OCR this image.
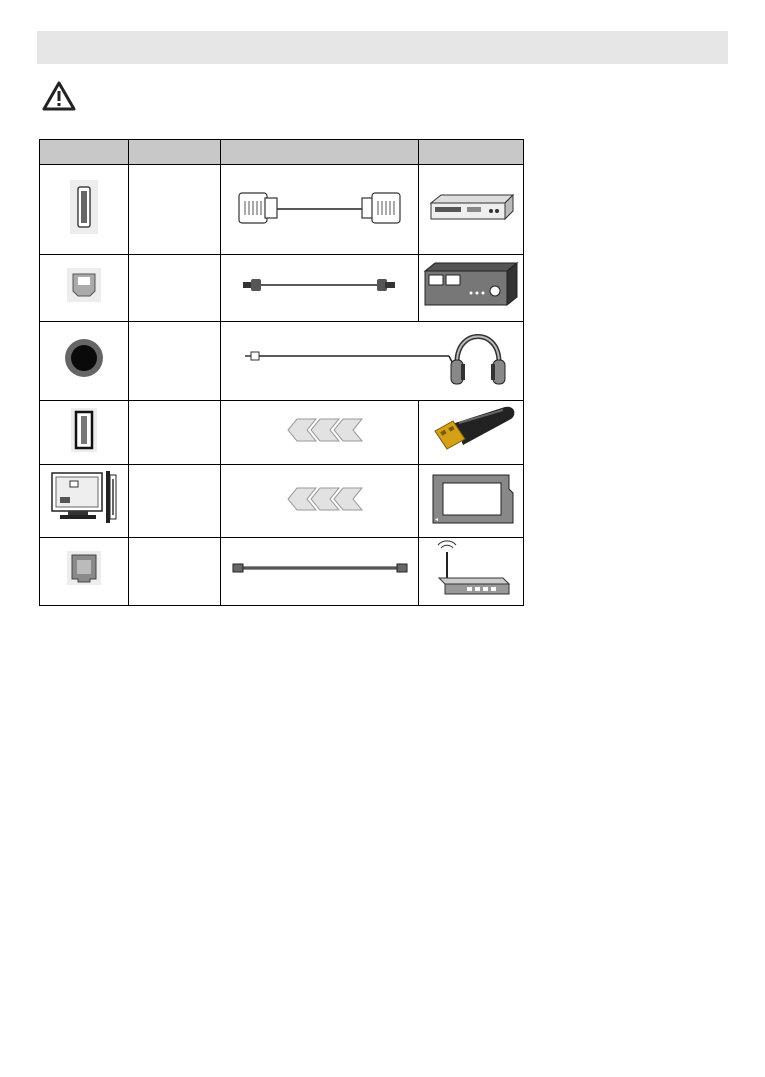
◂
